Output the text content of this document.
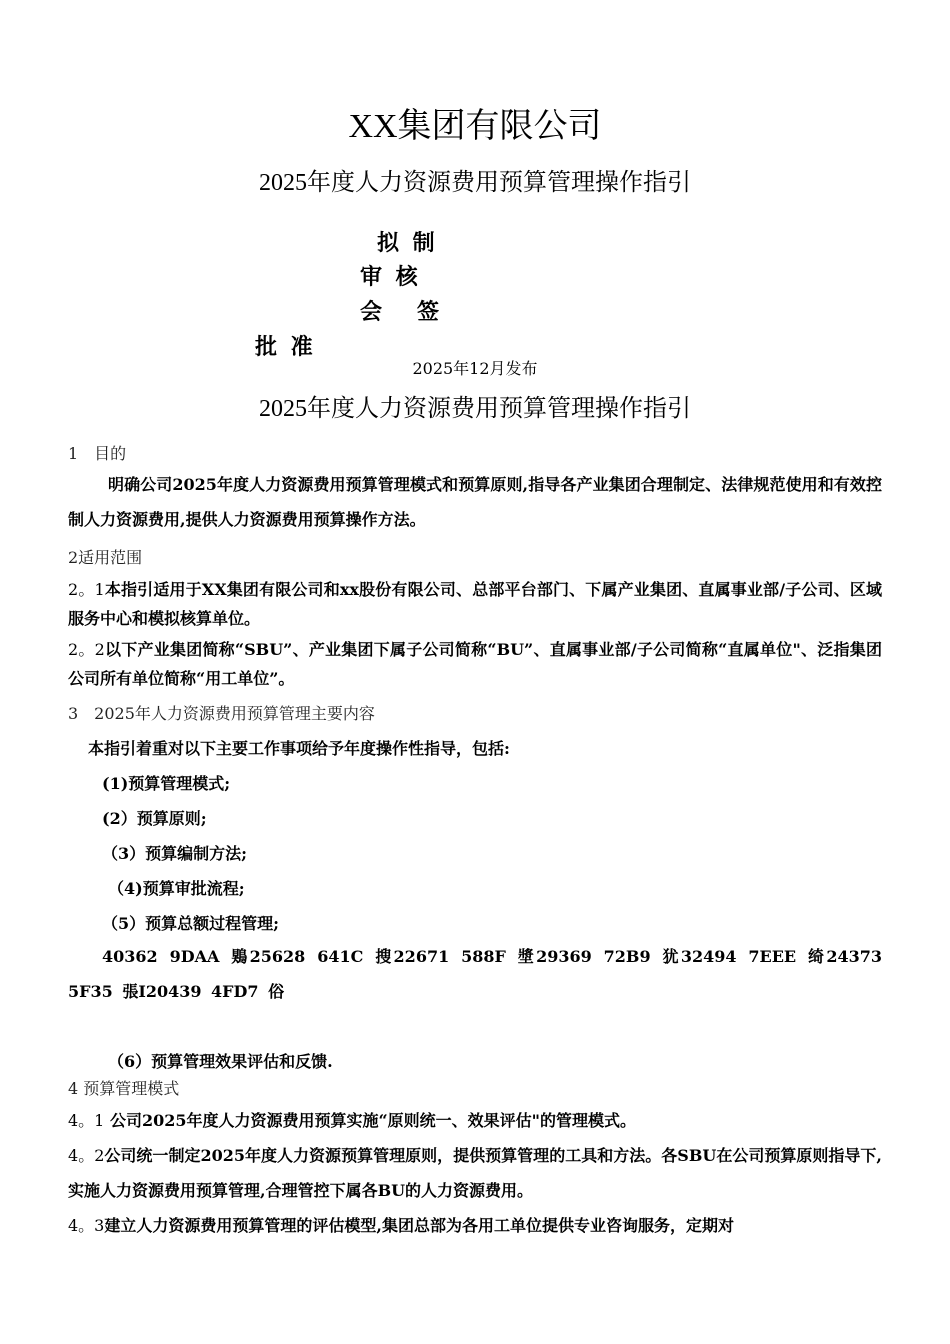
XX集团有限公司
2025年度人力资源费用预算管理操作指引
拟 制
审 核
会   签
批 准
2025年12月发布
2025年度人力资源费用预算管理操作指引
1　目的
明确公司2025年度人力资源费用预算管理模式和预算原则,指导各产业集团合理制定、法律规范使用和有效控制人力资源费用,提供人力资源费用预算操作方法。
2适用范围
2。1本指引适用于XX集团有限公司和xx股份有限公司、总部平台部门、下属产业集团、直属事业部/子公司、区域服务中心和模拟核算单位。
2。2以下产业集团简称“SBU”、产业集团下属子公司简称“BU”、直属事业部/子公司简称“直属单位"、泛指集团公司所有单位简称“用工单位”。
3　2025年人力资源费用预算管理主要内容
本指引着重对以下主要工作事项给予年度操作性指导，包括:
(1)预算管理模式;
(2）预算原则;
（3）预算编制方法;
（4)预算审批流程;
（5）预算总额过程管理;
40362 9DAA 鶪25628 641C 搜22671 588F 墏29369 72B9 犹32494 7EEE 绮24373 5F35 張I20439 4FD7 俗
（6）预算管理效果评估和反馈.
4 预算管理模式
4。1 公司2025年度人力资源费用预算实施“原则统一、效果评估"的管理模式。
4。2公司统一制定2025年度人力资源预算管理原则，提供预算管理的工具和方法。各SBU在公司预算原则指导下,实施人力资源费用预算管理,合理管控下属各BU的人力资源费用。
4。3建立人力资源费用预算管理的评估模型,集团总部为各用工单位提供专业咨询服务，定期对
